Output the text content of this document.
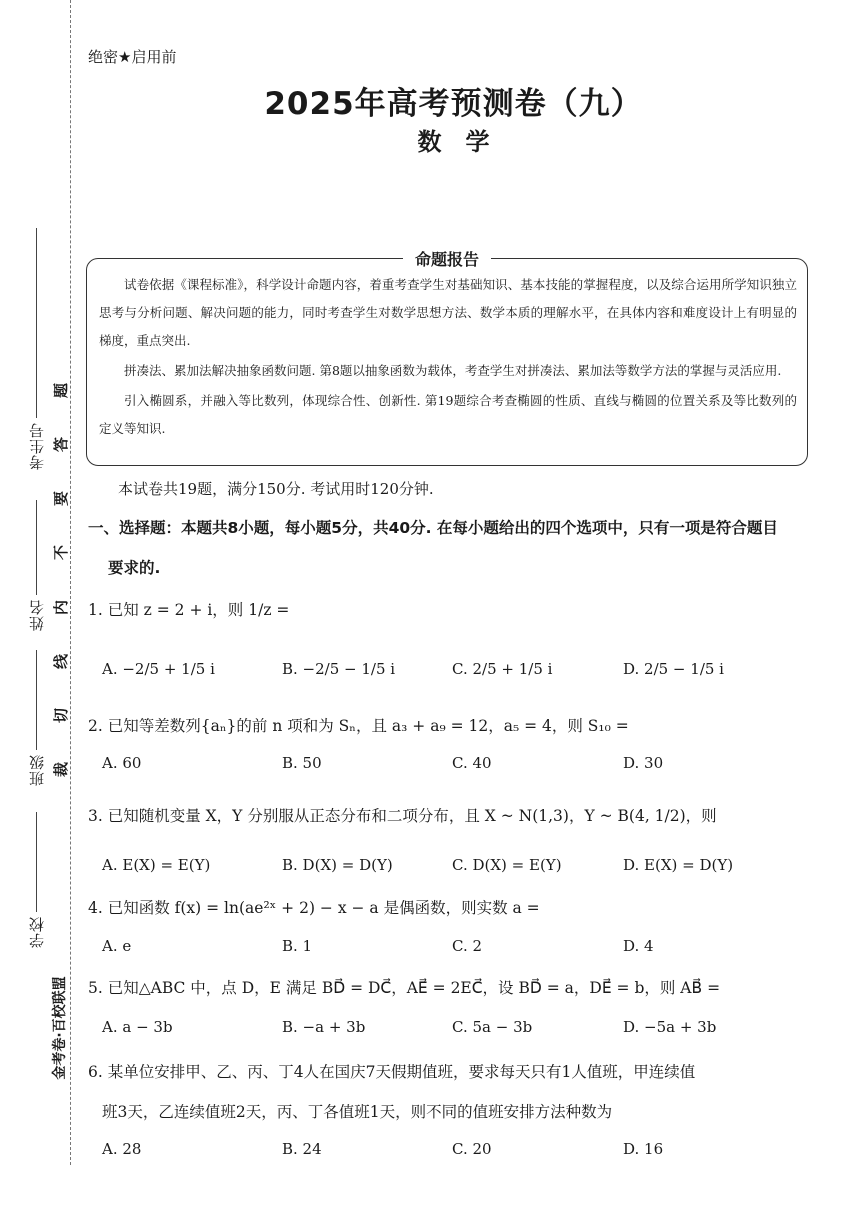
考生号
姓名
班级
学校
题
答
要
不
内
线
切
裁
金考卷·百校联盟
绝密★启用前
2025年高考预测卷（九）
数学
命题报告

试卷依据《课程标准》，科学设计命题内容，着重考查学生对基础知识、基本技能的掌握程度，以及综合运用所学知识独立思考与分析问题、解决问题的能力，同时考查学生对数学思想方法、数学本质的理解水平，在具体内容和难度设计上有明显的梯度，重点突出.

拼凑法、累加法解决抽象函数问题. 第8题以抽象函数为载体，考查学生对拼凑法、累加法等数学方法的掌握与灵活应用.

引入椭圆系，并融入等比数列，体现综合性、创新性. 第19题综合考查椭圆的性质、直线与椭圆的位置关系及等比数列的定义等知识.

本试卷共19题，满分150分. 考试用时120分钟.
一、选择题：本题共8小题，每小题5分，共40分. 在每小题给出的四个选项中，只有一项是符合题目
要求的.
1. 已知 z = 2 + i，则 1/z =
A. −2/5 + 1/5 i	B. −2/5 − 1/5 i	C. 2/5 + 1/5 i	D. 2/5 − 1/5 i
2. 已知等差数列{aₙ}的前 n 项和为 Sₙ，且 a₃ + a₉ = 12，a₅ = 4，则 S₁₀ =
A. 60	B. 50	C. 40	D. 30
3. 已知随机变量 X，Y 分别服从正态分布和二项分布，且 X ~ N(1,3)，Y ~ B(4, 1/2)，则
A. E(X) = E(Y)	B. D(X) = D(Y)	C. D(X) = E(Y)	D. E(X) = D(Y)
4. 已知函数 f(x) = ln(ae²ˣ + 2) − x − a 是偶函数，则实数 a =
A. e	B. 1	C. 2	D. 4
5. 已知△ABC 中，点 D，E 满足 BD⃗ = DC⃗，AE⃗ = 2EC⃗，设 BD⃗ = a，DE⃗ = b，则 AB⃗ =
A. a − 3b	B. −a + 3b	C. 5a − 3b	D. −5a + 3b
6. 某单位安排甲、乙、丙、丁4人在国庆7天假期值班，要求每天只有1人值班，甲连续值
班3天，乙连续值班2天，丙、丁各值班1天，则不同的值班安排方法种数为
A. 28	B. 24	C. 20	D. 16
